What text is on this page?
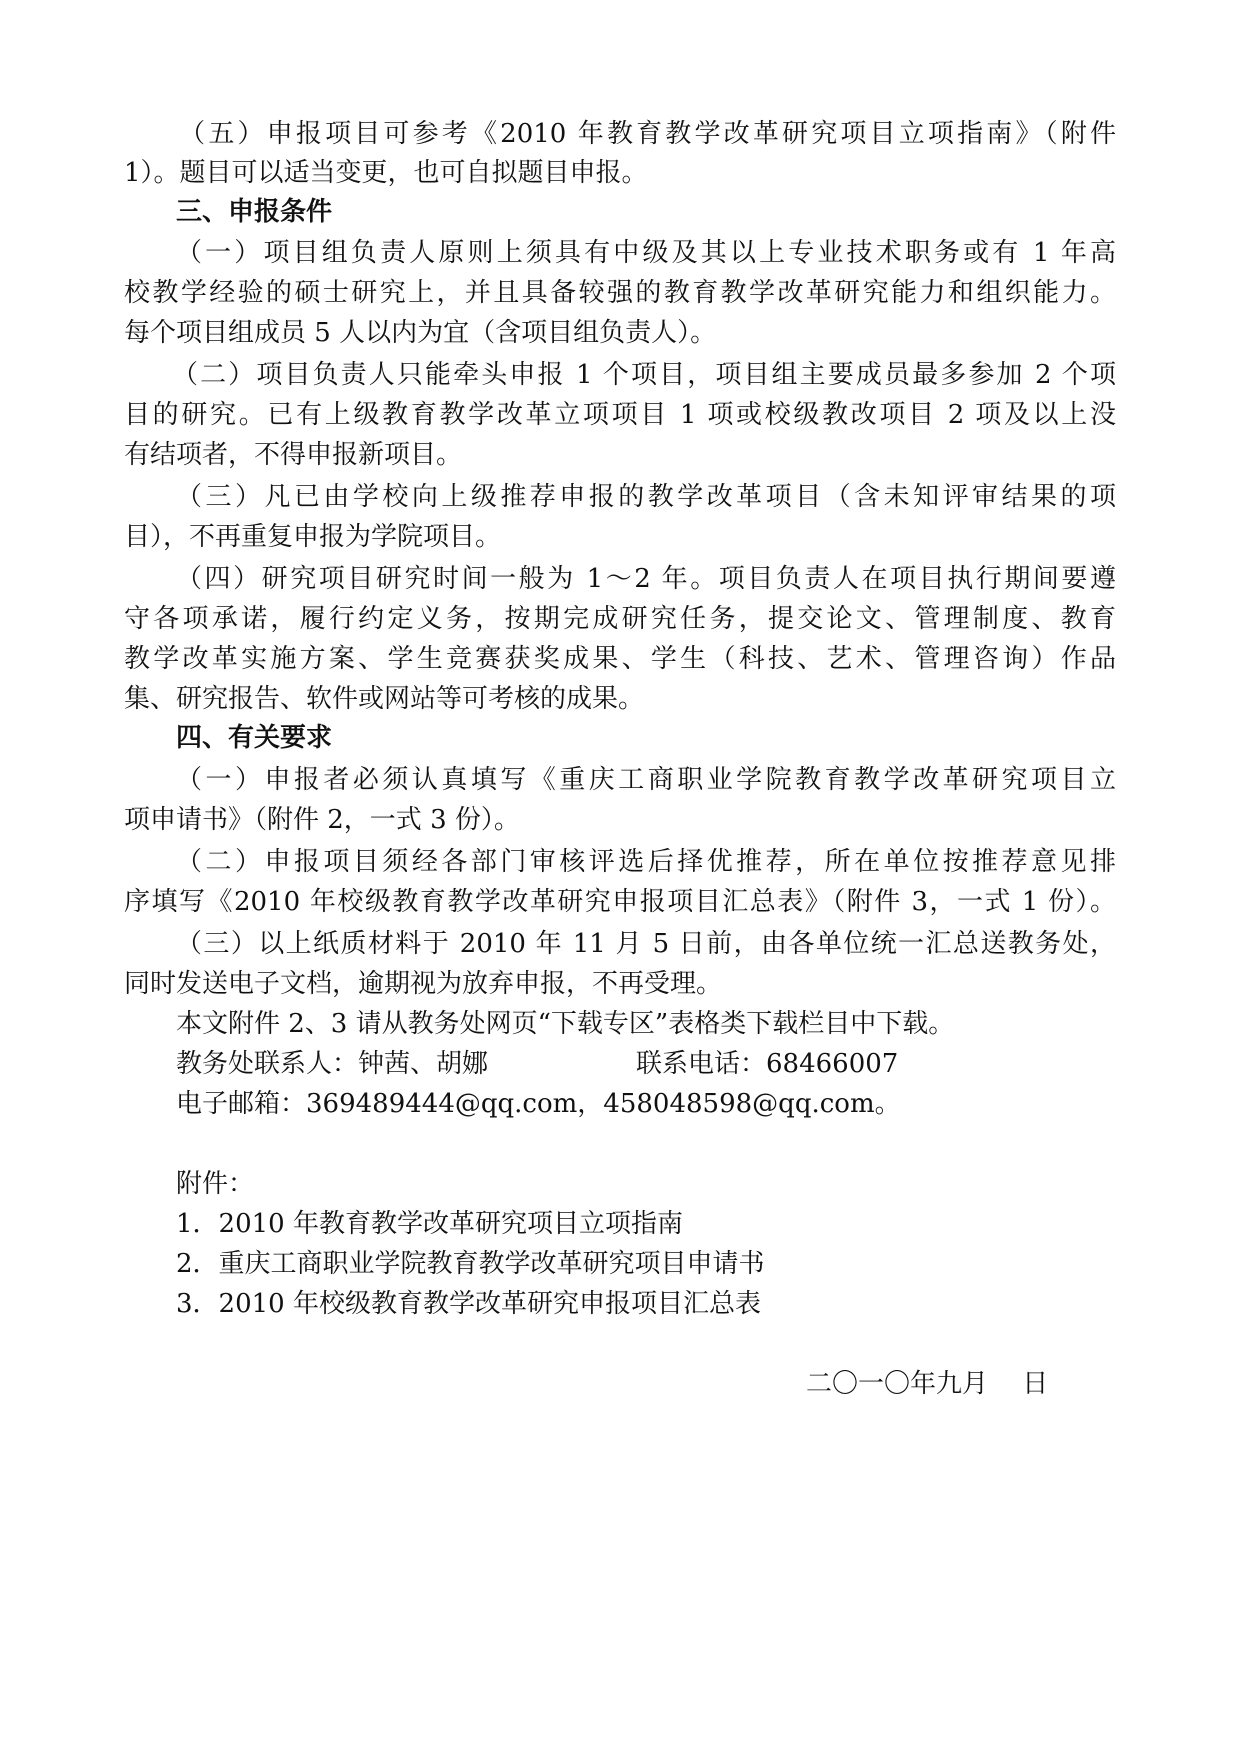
（五）申报项目可参考《2010 年教育教学改革研究项目立项指南》（附件
1）。题目可以适当变更，也可自拟题目申报。
三、申报条件
（一）项目组负责人原则上须具有中级及其以上专业技术职务或有 1 年高
校教学经验的硕士研究上，并且具备较强的教育教学改革研究能力和组织能力。
每个项目组成员 5 人以内为宜（含项目组负责人）。
（二）项目负责人只能牵头申报 1 个项目，项目组主要成员最多参加 2 个项
目的研究。已有上级教育教学改革立项项目 1 项或校级教改项目 2 项及以上没
有结项者，不得申报新项目。
（三）凡已由学校向上级推荐申报的教学改革项目（含未知评审结果的项
目），不再重复申报为学院项目。
（四）研究项目研究时间一般为 1～2 年。项目负责人在项目执行期间要遵
守各项承诺，履行约定义务，按期完成研究任务，提交论文、管理制度、教育
教学改革实施方案、学生竞赛获奖成果、学生（科技、艺术、管理咨询）作品
集、研究报告、软件或网站等可考核的成果。
四、有关要求
（一）申报者必须认真填写《重庆工商职业学院教育教学改革研究项目立
项申请书》（附件 2，一式 3 份）。
（二）申报项目须经各部门审核评选后择优推荐，所在单位按推荐意见排
序填写《2010 年校级教育教学改革研究申报项目汇总表》（附件 3，一式 1 份）。
（三）以上纸质材料于 2010 年 11 月 5 日前，由各单位统一汇总送教务处，
同时发送电子文档，逾期视为放弃申报，不再受理。
本文附件 2、3 请从教务处网页“下载专区”表格类下载栏目中下载。
教务处联系人：钟茜、胡娜	联系电话：68466007
电子邮箱：369489444@qq.com，458048598@qq.com。
附件：
1．2010 年教育教学改革研究项目立项指南
2．重庆工商职业学院教育教学改革研究项目申请书
3．2010 年校级教育教学改革研究申报项目汇总表
二〇一〇年九月　 日
